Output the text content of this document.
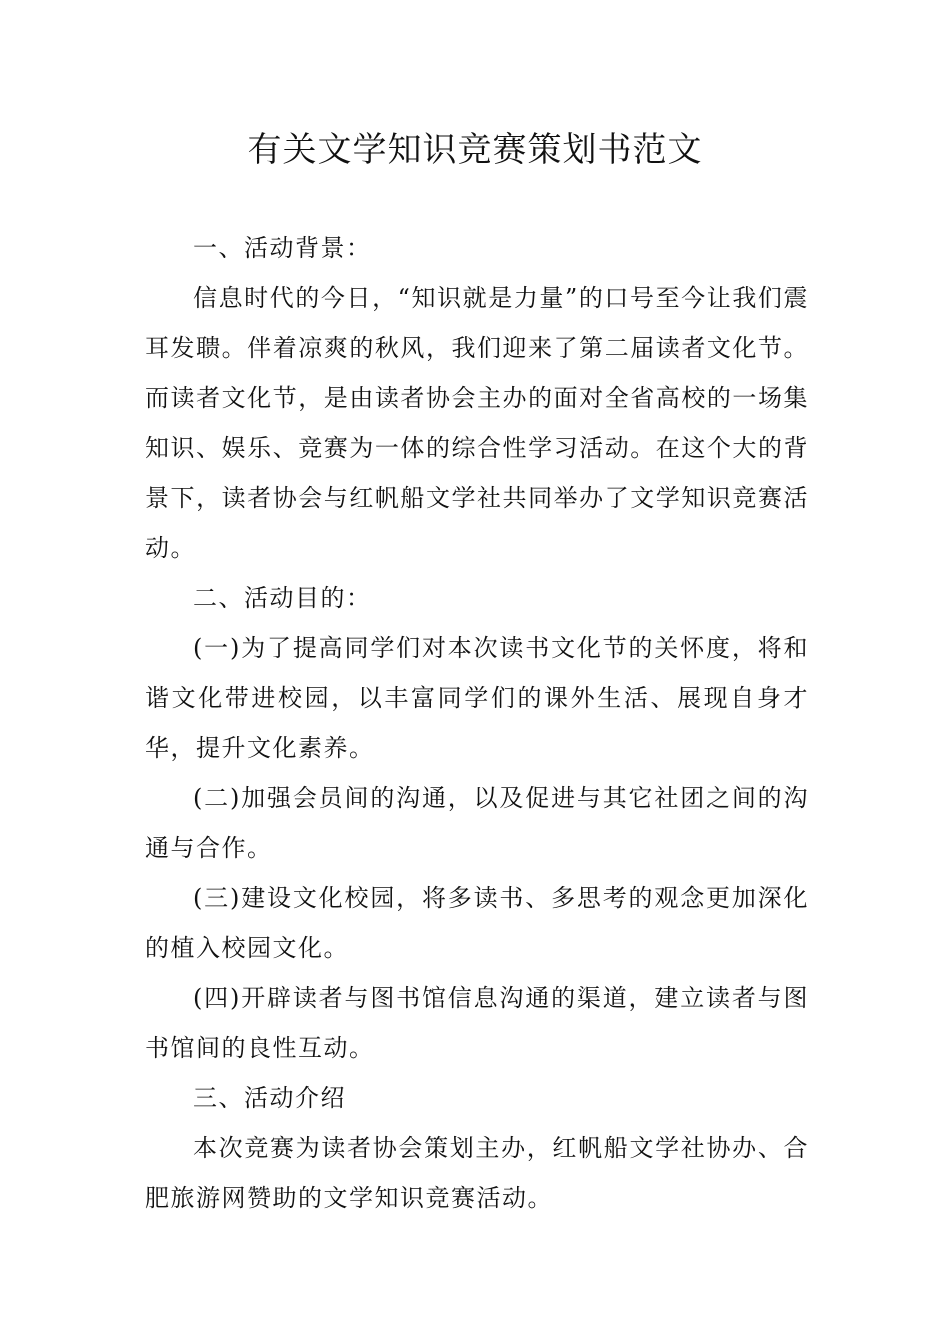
有关文学知识竞赛策划书范文

一、活动背景：

信息时代的今日，“知识就是力量”的口号至今让我们震耳发聩。伴着凉爽的秋风，我们迎来了第二届读者文化节。而读者文化节，是由读者协会主办的面对全省高校的一场集知识、娱乐、竞赛为一体的综合性学习活动。在这个大的背景下，读者协会与红帆船文学社共同举办了文学知识竞赛活动。

二、活动目的：

(一)为了提高同学们对本次读书文化节的关怀度，将和谐文化带进校园，以丰富同学们的课外生活、展现自身才华，提升文化素养。

(二)加强会员间的沟通，以及促进与其它社团之间的沟通与合作。

(三)建设文化校园，将多读书、多思考的观念更加深化的植入校园文化。

(四)开辟读者与图书馆信息沟通的渠道，建立读者与图书馆间的良性互动。

三、活动介绍

本次竞赛为读者协会策划主办，红帆船文学社协办、合肥旅游网赞助的文学知识竞赛活动。
